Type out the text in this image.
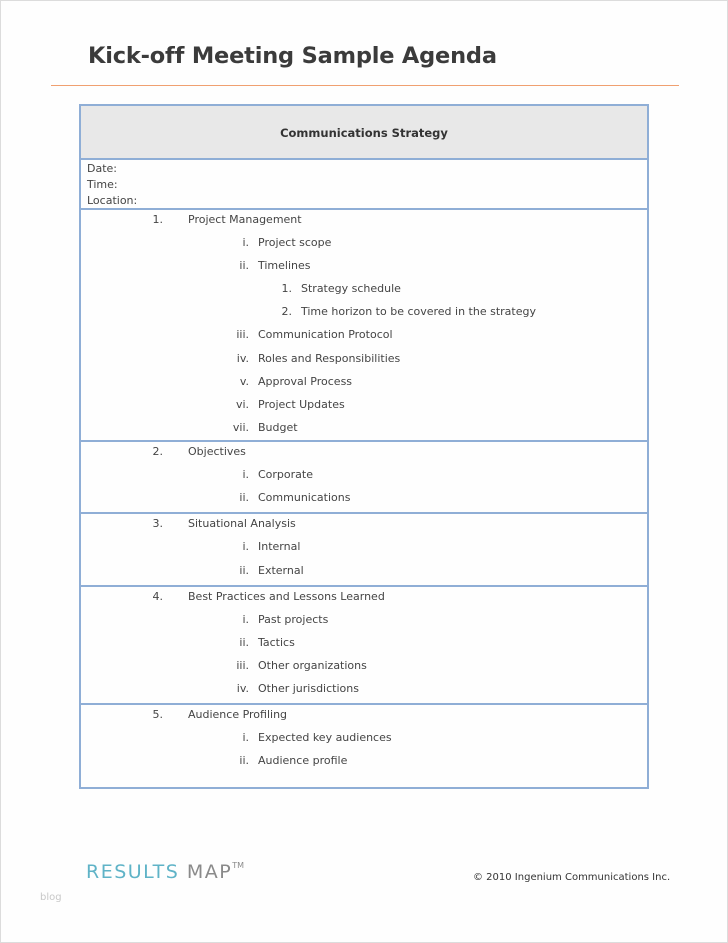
Kick-off Meeting Sample Agenda
Communications Strategy
Date:
Time:
Location:
1. Project Management
i. Project scope
ii. Timelines
1. Strategy schedule
2. Time horizon to be covered in the strategy
iii. Communication Protocol
iv. Roles and Responsibilities
v. Approval Process
vi. Project Updates
vii. Budget
2. Objectives
i. Corporate
ii. Communications
3. Situational Analysis
i. Internal
ii. External
4. Best Practices and Lessons Learned
i. Past projects
ii. Tactics
iii. Other organizations
iv. Other jurisdictions
5. Audience Profiling
i. Expected key audiences
ii. Audience profile
RESULTS MAP™
© 2010 Ingenium Communications Inc.
blog
